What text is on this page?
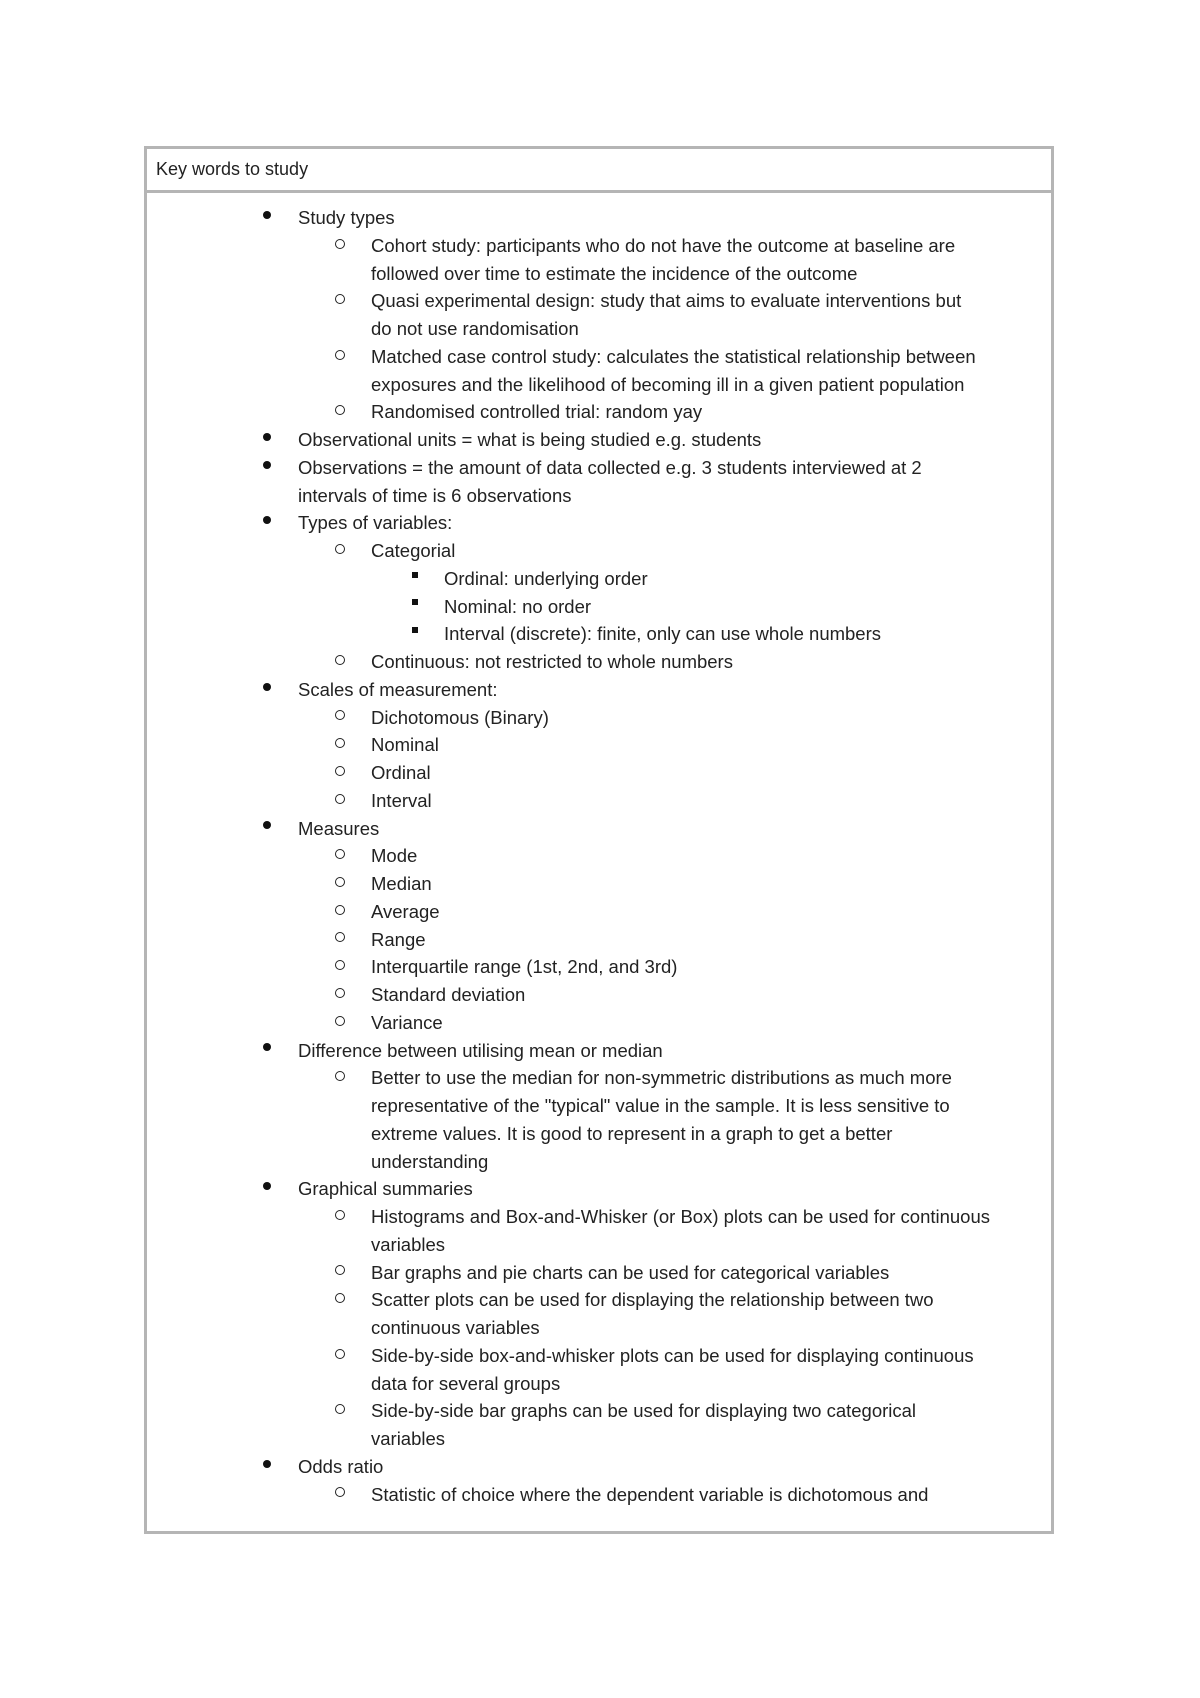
Key words to study
Study types
Cohort study: participants who do not have the outcome at baseline are
followed over time to estimate the incidence of the outcome
Quasi experimental design: study that aims to evaluate interventions but
do not use randomisation
Matched case control study: calculates the statistical relationship between
exposures and the likelihood of becoming ill in a given patient population
Randomised controlled trial: random yay
Observational units = what is being studied e.g. students
Observations = the amount of data collected e.g. 3 students interviewed at 2
intervals of time is 6 observations
Types of variables:
Categorial
Ordinal: underlying order
Nominal: no order
Interval (discrete): finite, only can use whole numbers
Continuous: not restricted to whole numbers
Scales of measurement:
Dichotomous (Binary)
Nominal
Ordinal
Interval
Measures
Mode
Median
Average
Range
Interquartile range (1st, 2nd, and 3rd)
Standard deviation
Variance
Difference between utilising mean or median
Better to use the median for non-symmetric distributions as much more
representative of the "typical" value in the sample. It is less sensitive to
extreme values. It is good to represent in a graph to get a better
understanding
Graphical summaries
Histograms and Box-and-Whisker (or Box) plots can be used for continuous
variables
Bar graphs and pie charts can be used for categorical variables
Scatter plots can be used for displaying the relationship between two
continuous variables
Side-by-side box-and-whisker plots can be used for displaying continuous
data for several groups
Side-by-side bar graphs can be used for displaying two categorical
variables
Odds ratio
Statistic of choice where the dependent variable is dichotomous and
